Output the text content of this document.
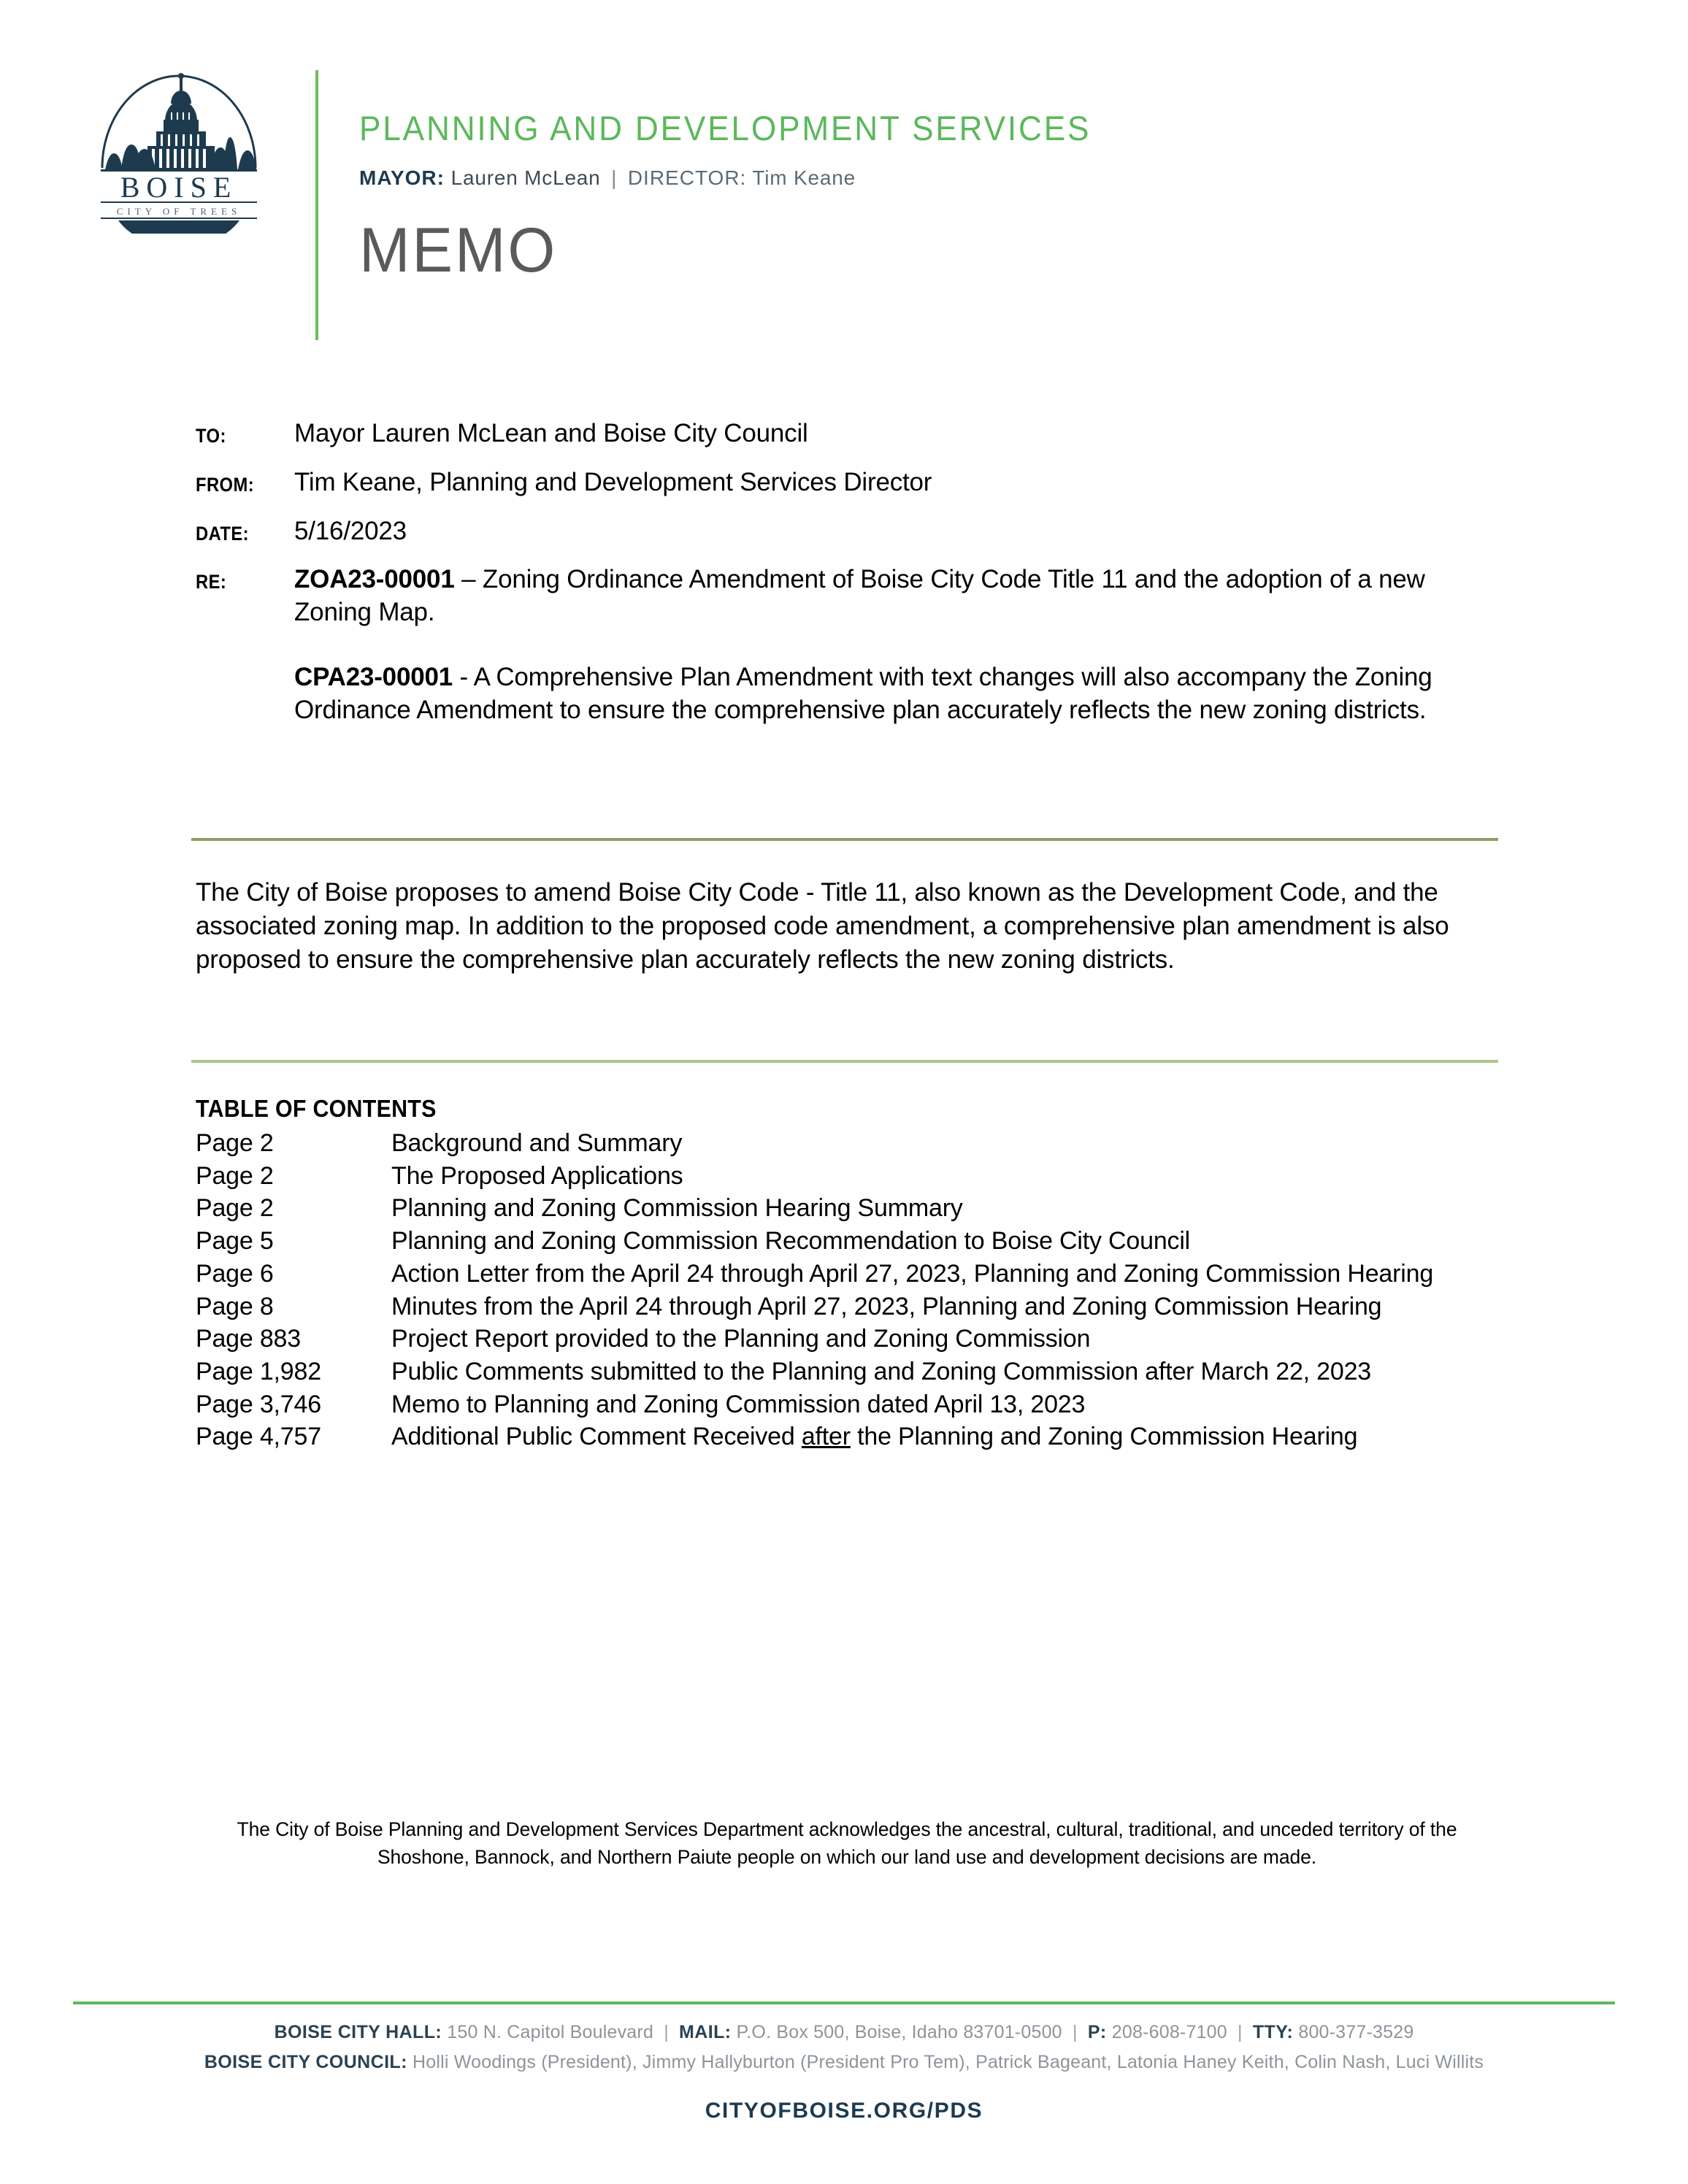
BOISE
CITY OF TREES
PLANNING AND DEVELOPMENT SERVICES
MAYOR: Lauren McLean | DIRECTOR: Tim Keane
MEMO
TO:	Mayor Lauren McLean and Boise City Council
FROM:	Tim Keane, Planning and Development Services Director
DATE:	5/16/2023
RE:	ZOA23-00001 – Zoning Ordinance Amendment of Boise City Code Title 11 and the adoption of a new Zoning Map.
CPA23-00001 - A Comprehensive Plan Amendment with text changes will also accompany the Zoning Ordinance Amendment to ensure the comprehensive plan accurately reflects the new zoning districts.
The City of Boise proposes to amend Boise City Code - Title 11, also known as the Development Code, and the associated zoning map. In addition to the proposed code amendment, a comprehensive plan amendment is also proposed to ensure the comprehensive plan accurately reflects the new zoning districts.
TABLE OF CONTENTS
Page 2	Background and Summary
Page 2	The Proposed Applications
Page 2	Planning and Zoning Commission Hearing Summary
Page 5	Planning and Zoning Commission Recommendation to Boise City Council
Page 6	Action Letter from the April 24 through April 27, 2023, Planning and Zoning Commission Hearing
Page 8	Minutes from the April 24 through April 27, 2023, Planning and Zoning Commission Hearing
Page 883	Project Report provided to the Planning and Zoning Commission
Page 1,982	Public Comments submitted to the Planning and Zoning Commission after March 22, 2023
Page 3,746	Memo to Planning and Zoning Commission dated April 13, 2023
Page 4,757	Additional Public Comment Received after the Planning and Zoning Commission Hearing
The City of Boise Planning and Development Services Department acknowledges the ancestral, cultural, traditional, and unceded territory of the Shoshone, Bannock, and Northern Paiute people on which our land use and development decisions are made.
BOISE CITY HALL: 150 N. Capitol Boulevard | MAIL: P.O. Box 500, Boise, Idaho 83701-0500 | P: 208-608-7100 | TTY: 800-377-3529
BOISE CITY COUNCIL: Holli Woodings (President), Jimmy Hallyburton (President Pro Tem), Patrick Bageant, Latonia Haney Keith, Colin Nash, Luci Willits
CITYOFBOISE.ORG/PDS
